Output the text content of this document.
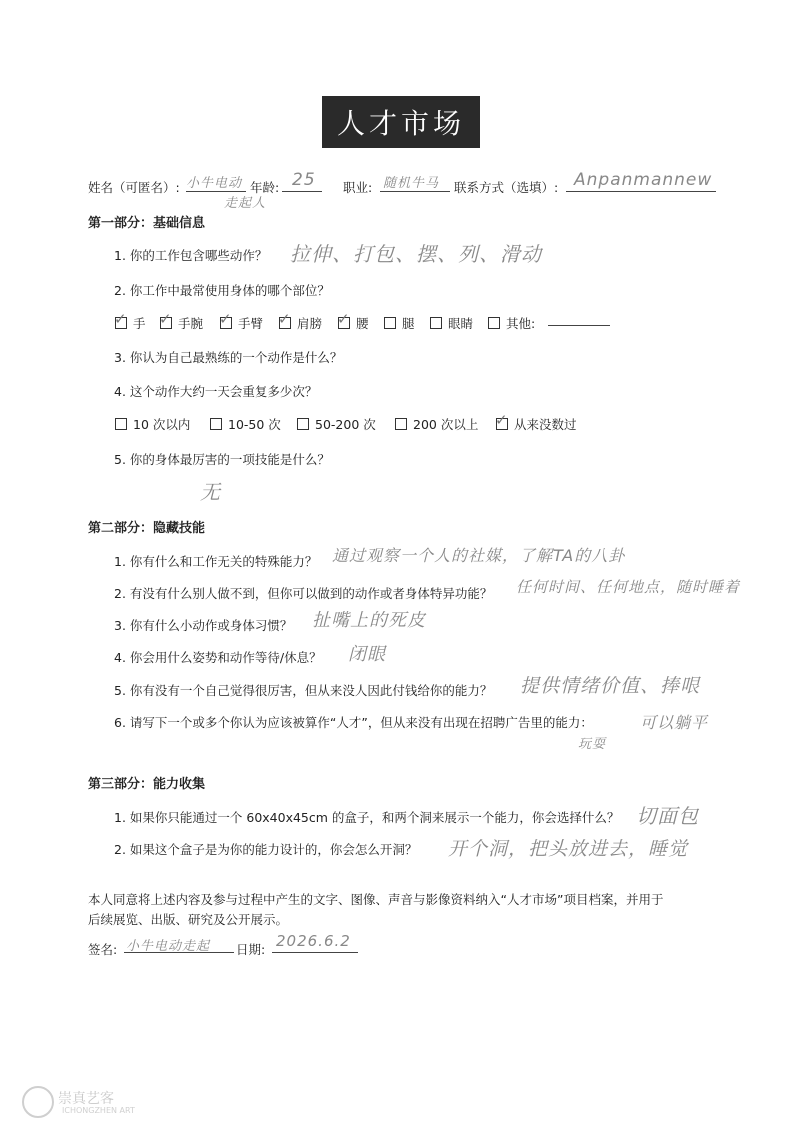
人才市场
姓名（可匿名）: 小牛电动
走起人
年龄: 25 职业: 随机牛马 联系方式（选填）: Anpanmannew
第一部分：基础信息
1. 你的工作包含哪些动作？ 拉伸、打包、摆、列、滑动
2. 你工作中最常使用身体的哪个部位？
✓ 手 ✓ 手腕 ✓ 手臂 ✓ 肩膀 ✓ 腰	腿	眼睛	其他:
3. 你认为自己最熟练的一个动作是什么？
4. 这个动作大约一天会重复多少次？
10 次以内	10-50 次	50-200 次	200 次以上 ✓ 从来没数过
5. 你的身体最厉害的一项技能是什么？
无
第二部分：隐藏技能
1. 你有什么和工作无关的特殊能力？ 通过观察一个人的社媒，了解TA的八卦
2. 有没有什么别人做不到，但你可以做到的动作或者身体特异功能？ 任何时间、任何地点，随时睡着
3. 你有什么小动作或身体习惯？ 扯嘴上的死皮
4. 你会用什么姿势和动作等待/休息？ 闭眼
5. 你有没有一个自己觉得很厉害，但从来没人因此付钱给你的能力？ 提供情绪价值、捧哏
6. 请写下一个或多个你认为应该被算作“人才”，但从来没有出现在招聘广告里的能力：	可以躺平
玩耍
第三部分：能力收集
1. 如果你只能通过一个 60x40x45cm 的盒子，和两个洞来展示一个能力，你会选择什么？ 切面包
2. 如果这个盒子是为你的能力设计的，你会怎么开洞？ 开个洞，把头放进去，睡觉
本人同意将上述内容及参与过程中产生的文字、图像、声音与影像资料纳入“人才市场”项目档案，并用于
后续展览、出版、研究及公开展示。
签名: 小牛电动走起 日期: 2026.6.2
崇真艺客
ICHONGZHEN ART
